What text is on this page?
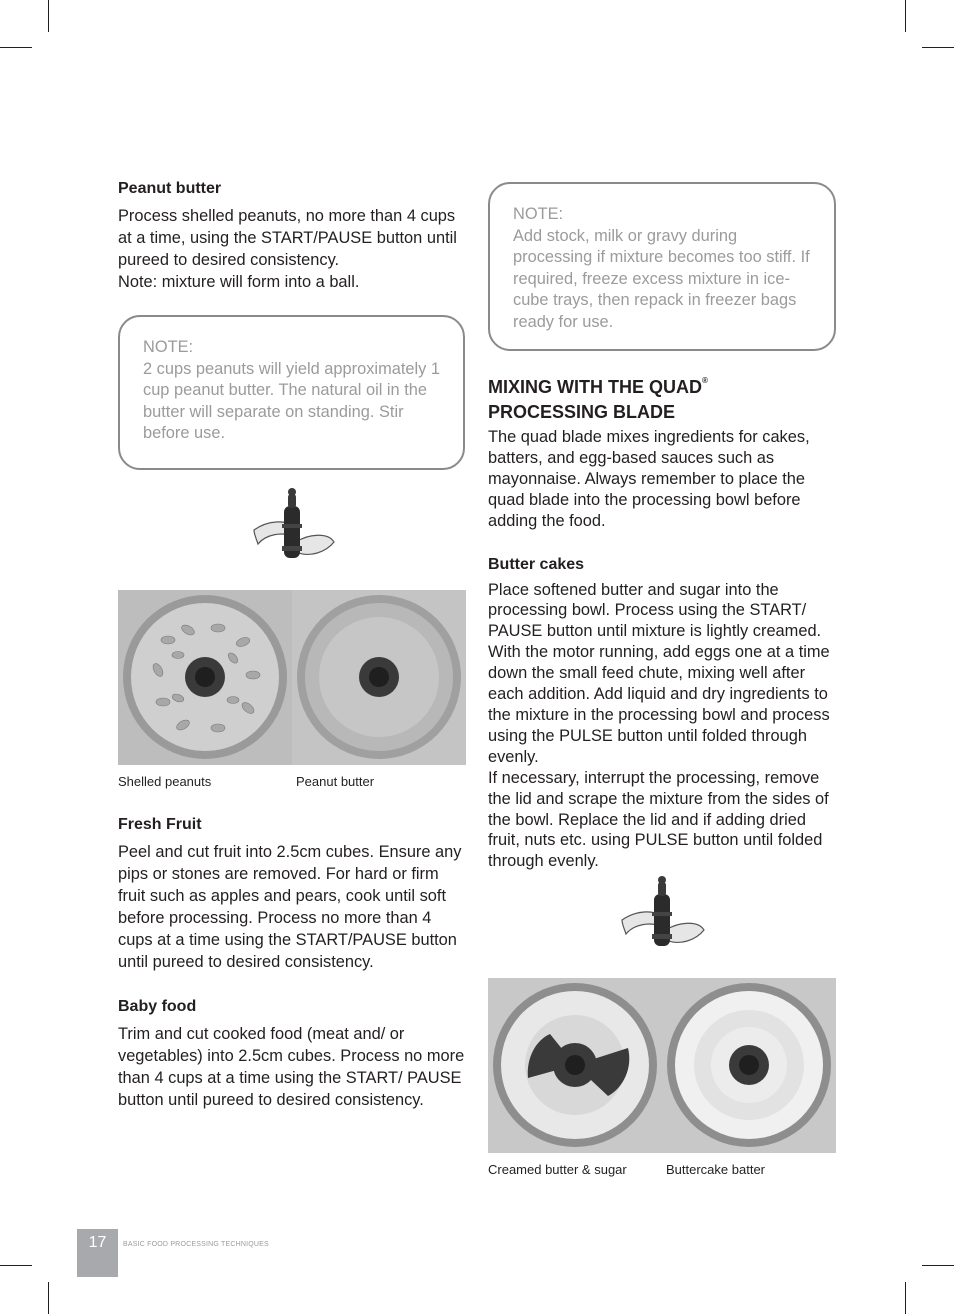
Peanut butter

Process shelled peanuts, no more than 4 cups at a time, using the START/PAUSE button until pureed to desired consistency.

Note: mixture will form into a ball.

NOTE:
2 cups peanuts will yield approximately 1 cup peanut butter. The natural oil in the butter will separate on standing. Stir before use.
Shelled peanuts	Peanut butter

Fresh Fruit

Peel and cut fruit into 2.5cm cubes. Ensure any pips or stones are removed. For hard or firm fruit such as apples and pears, cook until soft before processing. Process no more than 4 cups at a time using the START/PAUSE button until pureed to desired consistency.

Baby food

Trim and cut cooked food (meat and/ or vegetables) into 2.5cm cubes. Process no more than 4 cups at a time using the START/ PAUSE button until pureed to desired consistency.

NOTE:
Add stock, milk or gravy during processing if mixture becomes too stiff. If required, freeze excess mixture in ice-cube trays, then repack in freezer bags ready for use.

MIXING WITH THE QUAD®
PROCESSING BLADE

The quad blade mixes ingredients for cakes, batters, and egg-based sauces such as mayonnaise. Always remember to place the quad blade into the processing bowl before adding the food.

Butter cakes

Place softened butter and sugar into the processing bowl. Process using the START/ PAUSE button until mixture is lightly creamed. With the motor running, add eggs one at a time down the small feed chute, mixing well after each addition. Add liquid and dry ingredients to the mixture in the processing bowl and process using the PULSE button until folded through evenly.

If necessary, interrupt the processing, remove the lid and scrape the mixture from the sides of the bowl. Replace the lid and if adding dried fruit, nuts etc. using PULSE button until folded through evenly.

Creamed butter & sugar	Buttercake batter
17	BASIC FOOD PROCESSING TECHNIQUES
